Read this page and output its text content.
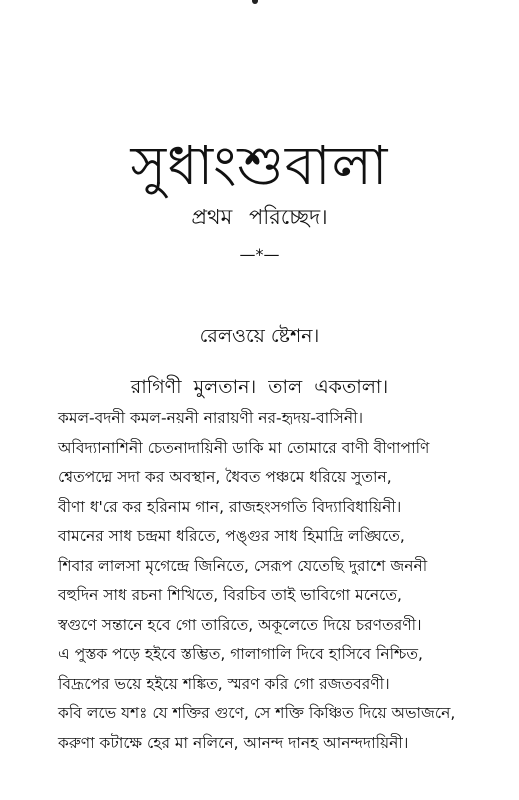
সুধাংশুবালা
প্রথম পরিচ্ছেদ।
—*—
রেলওয়ে ষ্টেশন।
রাগিণী মুলতান। তাল একতালা।
কমল-বদনী কমল-নয়নী নারায়ণী নর-হৃদয়-বাসিনী।
অবিদ্যানাশিনী চেতনাদায়িনী ডাকি মা তোমারে বাণী বীণাপাণি
শ্বেতপদ্মে সদা কর অবস্থান, ধৈবত পঞ্চমে ধরিয়ে সুতান,
বীণা ধ'রে কর হরিনাম গান, রাজহংসগতি বিদ্যাবিধায়িনী।
বামনের সাধ চন্দ্রমা ধরিতে, পঙ্গুর সাধ হিমাদ্রি লঙ্ঘিতে,
শিবার লালসা মৃগেন্দ্রে জিনিতে, সেরূপ যেতেছি দুরাশে জননী
বহুদিন সাধ রচনা শিখিতে, বিরচিব তাই ভাবিগো মনেতে,
স্বগুণে সন্তানে হবে গো তারিতে, অকূলেতে দিয়ে চরণতরণী।
এ পুস্তক পড়ে হইবে স্তম্ভিত, গালাগালি দিবে হাসিবে নিশ্চিত,
বিদ্রূপের ভয়ে হইয়ে শঙ্কিত, স্মরণ করি গো রজতবরণী।
কবি লভে যশঃ যে শক্তির গুণে, সে শক্তি কিঞ্চিত দিয়ে অভাজনে,
করুণা কটাক্ষে হের মা নলিনে, আনন্দ দানহ আনন্দদায়িনী।
